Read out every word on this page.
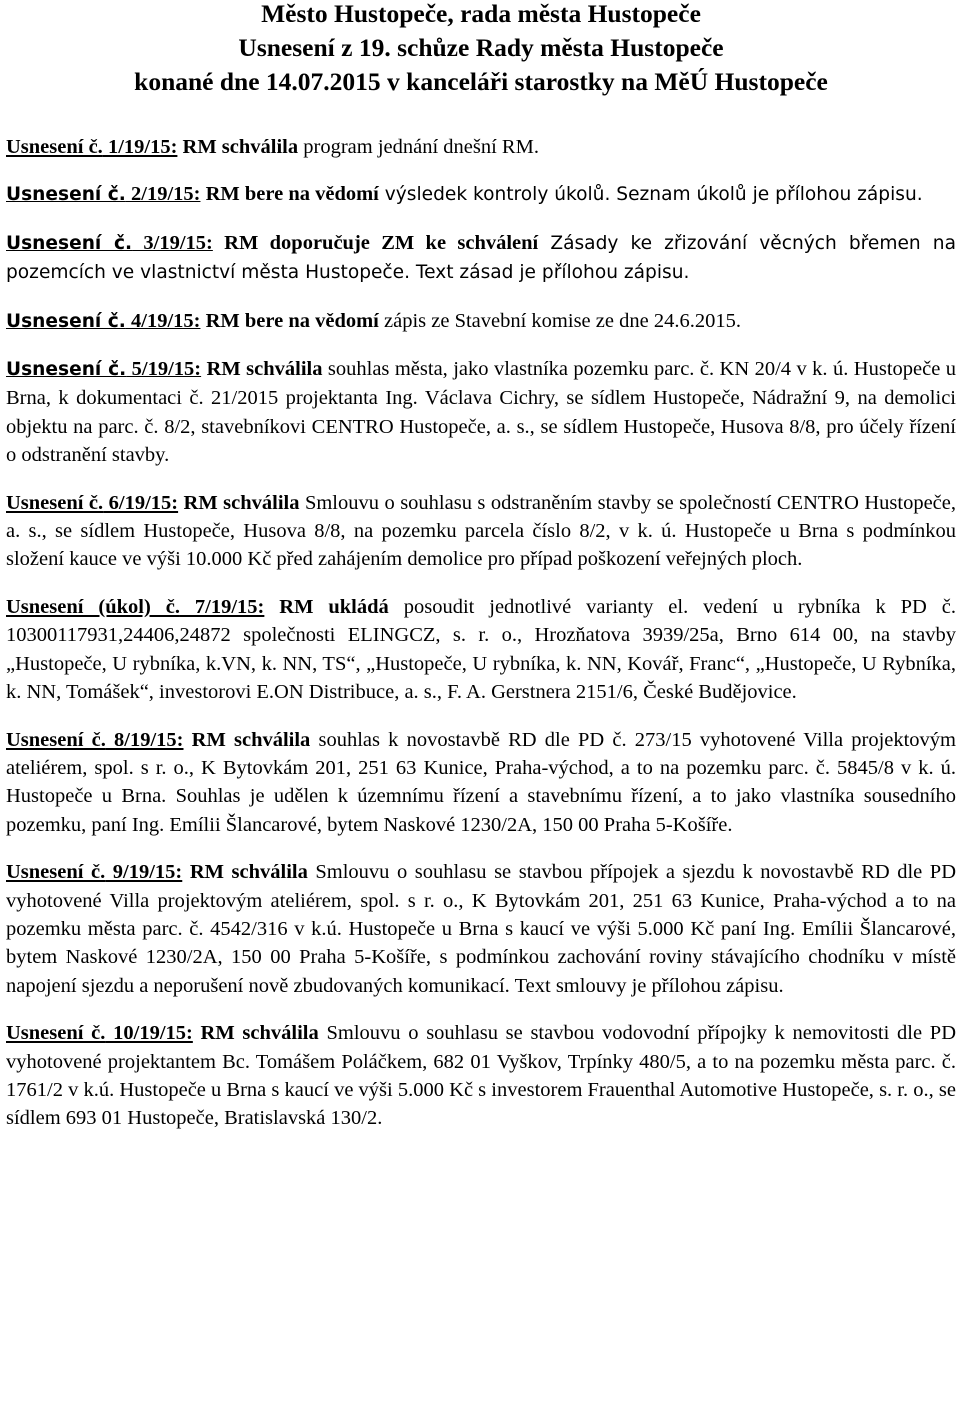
Město Hustopeče, rada města Hustopeče
Usnesení z 19. schůze Rady města Hustopeče
konané dne 14.07.2015 v kanceláři starostky na MěÚ Hustopeče

Usnesení č. 1/19/15: RM schválila program jednání dnešní RM.

Usnesení č. 2/19/15: RM bere na vědomí výsledek kontroly úkolů. Seznam úkolů je přílohou zápisu.

Usnesení č. 3/19/15: RM doporučuje ZM ke schválení Zásady ke zřizování věcných břemen na pozemcích ve vlastnictví města Hustopeče. Text zásad je přílohou zápisu.

Usnesení č. 4/19/15: RM bere na vědomí zápis ze Stavební komise ze dne 24.6.2015.

Usnesení č. 5/19/15: RM schválila souhlas města, jako vlastníka pozemku parc. č. KN 20/4 v k. ú. Hustopeče u Brna, k dokumentaci č. 21/2015 projektanta Ing. Václava Cichry, se sídlem Hustopeče, Nádražní 9, na demolici objektu na parc. č. 8/2, stavebníkovi CENTRO Hustopeče, a. s., se sídlem Hustopeče, Husova 8/8, pro účely řízení o odstranění stavby.

Usnesení č. 6/19/15: RM schválila Smlouvu o souhlasu s odstraněním stavby se společností CENTRO Hustopeče, a. s., se sídlem Hustopeče, Husova 8/8, na pozemku parcela číslo 8/2, v k. ú. Hustopeče u Brna s podmínkou složení kauce ve výši 10.000 Kč před zahájením demolice pro případ poškození veřejných ploch.

Usnesení (úkol) č. 7/19/15: RM ukládá posoudit jednotlivé varianty el. vedení u rybníka k PD č. 10300117931,24406,24872 společnosti ELINGCZ, s. r. o., Hrozňatova 3939/25a, Brno 614 00, na stavby „Hustopeče, U rybníka, k.VN, k. NN, TS“, „Hustopeče, U rybníka, k. NN, Kovář, Franc“, „Hustopeče, U Rybníka, k. NN, Tomášek“, investorovi E.ON Distribuce, a. s., F. A. Gerstnera 2151/6, České Budějovice.

Usnesení č. 8/19/15: RM schválila souhlas k novostavbě RD dle PD č. 273/15 vyhotovené Villa projektovým ateliérem, spol. s r. o., K Bytovkám 201, 251 63 Kunice, Praha-východ, a to na pozemku parc. č. 5845/8 v k. ú. Hustopeče u Brna. Souhlas je udělen k územnímu řízení a stavebnímu řízení, a to jako vlastníka sousedního pozemku, paní Ing. Emílii Šlancarové, bytem Naskové 1230/2A, 150 00 Praha 5-Košíře.

Usnesení č. 9/19/15: RM schválila Smlouvu o souhlasu se stavbou přípojek a sjezdu k novostavbě RD dle PD vyhotovené Villa projektovým ateliérem, spol. s r. o., K Bytovkám 201, 251 63 Kunice, Praha-východ a to na pozemku města parc. č. 4542/316 v k.ú. Hustopeče u Brna s kaucí ve výši 5.000 Kč paní Ing. Emílii Šlancarové, bytem Naskové 1230/2A, 150 00 Praha 5-Košíře, s podmínkou zachování roviny stávajícího chodníku v místě napojení sjezdu a neporušení nově zbudovaných komunikací. Text smlouvy je přílohou zápisu.

Usnesení č. 10/19/15: RM schválila Smlouvu o souhlasu se stavbou vodovodní přípojky k nemovitosti dle PD vyhotovené projektantem Bc. Tomášem Poláčkem, 682 01 Vyškov, Trpínky 480/5, a to na pozemku města parc. č. 1761/2 v k.ú. Hustopeče u Brna s kaucí ve výši 5.000 Kč s investorem Frauenthal Automotive Hustopeče, s. r. o., se sídlem 693 01 Hustopeče, Bratislavská 130/2.
